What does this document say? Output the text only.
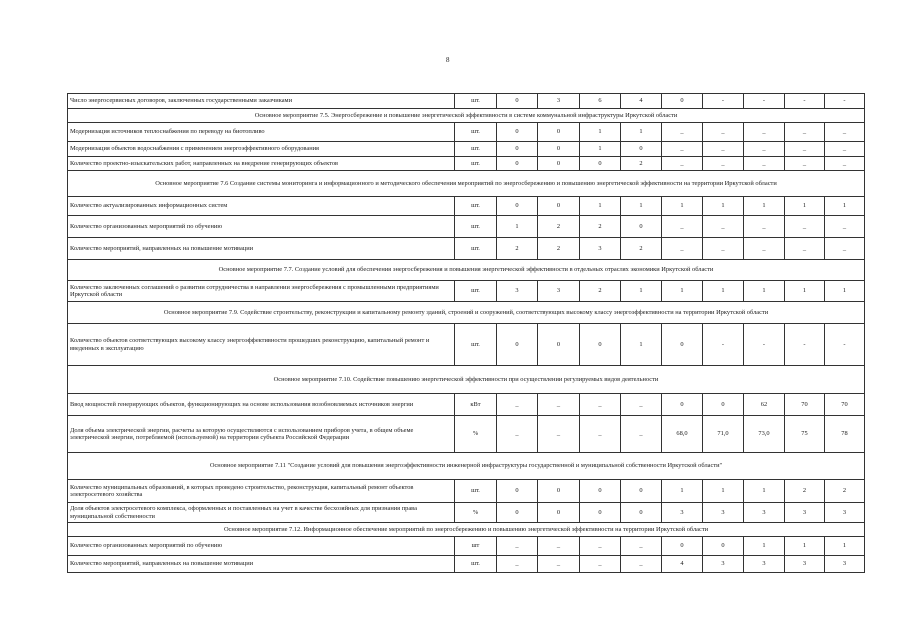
8
Число энергосервисных договоров, заключенных государственными заказчиками	шт.	0	3	6	4	0	-	-	-	-
Основное мероприятие 7.5. Энергосбережение и повышение энергетической эффективности в системе коммунальной инфраструктуры Иркутской области										
Модернизация источников теплоснабжения по переводу на биотопливо	шт.	0	0	1	1	_	_	_	_	_
Модернизация объектов водоснабжения с применением энергоэффективного оборудования	шт.	0	0	1	0	_	_	_	_	_
Количество проектно-изыскательских работ, направленных на внедрение генерирующих объектов	шт.	0	0	0	2	_	_	_	_	_
Основное мероприятие 7.6 Создание системы мониторинга и информационного и методического обеспечения мероприятий по энергосбережению и повышению энергетической эффективности на территории Иркутской области										
Количество актуализированных информационных систем	шт.	0	0	1	1	1	1	1	1	1
Количество организованных мероприятий по обучению	шт.	1	2	2	0	_	_	_	_	_
Количество мероприятий, направленных на повышение мотивации	шт.	2	2	3	2	_	_	_	_	_
Основное мероприятие 7.7. Создание условий для обеспечения энергосбережения и повышения энергетической эффективности в отдельных отраслях экономики Иркутской области										
Количество заключенных соглашений о развитии сотрудничества в направлении энергосбережения с промышленными предприятиями Иркутской области	шт.	3	3	2	1	1	1	1	1	1
Основное мероприятие 7.9. Содействие строительству, реконструкции и капитальному ремонту зданий, строений и сооружений, соответствующих высокому классу энергоэффективности на территории Иркутской области										
Количество объектов соответствующих высокому классу энергоэффективности прошедших реконструкцию, капитальный ремонт и введенных в эксплуатацию	шт.	0	0	0	1	0	-	-	-	-
Основное мероприятие 7.10. Содействие повышению энергетической эффективности при осуществлении регулируемых видов деятельности										
Ввод мощностей генерирующих объектов, функционирующих на основе использования возобновляемых источников энергии	кВт	_	_	_	_	0	0	62	70	70
Доля объема электрической энергии, расчеты за которую осуществляются с использованием приборов учета, в общем объеме электрической энергии, потребляемой (используемой) на территории субъекта Российской Федерации	%	_	_	_	_	68,0	71,0	73,0	75	78
Основное мероприятие 7.11 "Создание условий для повышения энергоэффективности инженерной инфраструктуры государственной и муниципальной собственности Иркутской области"										
Количество муниципальных образований, в которых проведено строительство, реконструкция, капитальный ремонт объектов электросетевого хозяйства	шт.	0	0	0	0	1	1	1	2	2
Доля объектов электросетевого комплекса, оформленных и поставленных на учет в качестве бесхозяйных для признания права муниципальной собственности	%	0	0	0	0	3	3	3	3	3
Основное мероприятие 7.12. Информационное обеспечение мероприятий по энергосбережению и повышению энергетической эффективности на территории Иркутской области										
Количество организованных мероприятий по обучению	шт	_	_	_	_	0	0	1	1	1
Количество мероприятий, направленных на повышение мотивации	шт.	_	_	_	_	4	3	3	3	3
